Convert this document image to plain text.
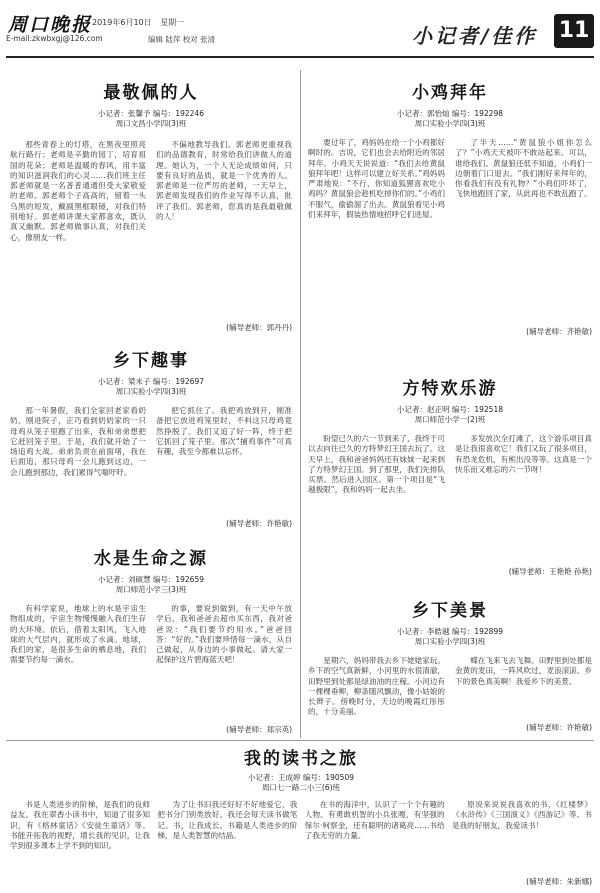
周口晚报 2019年6月10日 星期一
E-mail:zkwbxgj@126.com	编辑 陆萍 校对 张清	小记者/佳作 11
最敬佩的人
小记者：张馨予 编号：192246
周口文昌小学四(3)班

那些青春上的灯塔，在黑夜里照亮航行路行；老师是辛勤的园丁，培育祖国的花朵；老师是温暖的春风，用丰富的知识滋润我们的心灵……我们班主任郭老师就是一名普普通通但受大家敬爱的老师。郭老师个子高高的，留着一头乌黑的短发，戴副黑框眼镜，对我们特别地好。郭老师讲课大家都喜欢，既认真又幽默。郭老师做事认真，对我们关心，像朋友一样。

不偏地教导我们。郭老师更重视我们的品德教育，时常给我们讲做人的道理。她认为，一个人无论成绩如何，只要有良好的品质，就是一个优秀的人。郭老师是一位严厉的老师，一天早上，郭老师发现我们的作业写得不认真，批评了我们。郭老师，您真的是我最敬佩的人！

(辅导老师：郭丹丹)
乡下趣事
小记者：梁未子 编号：192697
周口实验小学四(3)班

那一年暑假，我们全家回老家看奶奶。刚进院子，正巧看到奶奶家的一只母鸡从笼子里跑了出来，我和弟弟想把它赶回笼子里。于是，我们就开始了一场追鸡大战。弟弟负责在前面堵，我在后面追，那只母鸡一会儿跑到这边，一会儿跑到那边，我们累得气喘吁吁。

把它抓住了。我把鸡放到开，刚准备把它放进鸡笼里时，不料这只母鸡竟然挣脱了。我们又追了好一阵，终于把它抓回了笼子里。那次“捕鸡事件”可真有趣，我至今都难以忘怀。

(辅导老师：许艳敏)
水是生命之源
小记者：刘硕慧 编号：192659
周口师范小学三(3)班

有科学家说，地球上的水是宇宙生物组成的，宇宙生物慢慢融入我们生存的大环境。依后，借着太阳风，飞入地球的大气层内，就形成了水滴。地球，我们的家，是很多生命的栖息地，我们需要节约每一滴水。

的事，要说到做到，有一天中午放学后，我和爸爸去超市买东西，我对爸爸说：“我们要节约用水。”爸爸回答：“好的。”我们要珍惜每一滴水，从自己做起，从身边的小事做起。请大家一起保护这片碧海蓝天吧！

(辅导老师：郑宗英)
小鸡拜年
小记者：郭怡灿 编号：192298
周口实验小学四(3)班

要过年了，鸡妈妈在给一个小鸡都好啊时的。吉说，它们也会去给附近的邻居拜年。小鸡天天说说道：“我们去给黄鼠狼拜年吧！这样可以建立好关系。”鸡妈妈严肃地说：“不行，你知道狐狸喜欢吃小鸡吗？黄鼠狼会趁机吃掉你们的。”小鸡们不服气，偷偷溜了出去。黄鼠狼看见小鸡们来拜年，假装热情地招呼它们进屋。

了半天……“黄鼠狼小姐你怎么了？”小鸡天天被吓不敢站起来。可以，谁给我们。黄鼠狼还低不知道，小鸡们一边朝着门口退去。“我们刚好来拜年的，你看我们有没有礼物？”小鸡们吓坏了，飞快地跑回了家，从此再也不敢乱跑了。

(辅导老师：齐艳敏)
方特欢乐游
小记者：赵正明 编号：192518
周口师范小学一(2)班

盼望已久的六一节到来了，我终于可以去向往已久的方特梦幻王国去玩了。这天早上，我和爸爸妈妈还有妹妹一起来到了方特梦幻王国。到了那里，我们先排队买票。然后进入园区。第一个项目是“飞越极限”，我和妈妈一起去坐。

多发放次全打滩了，这个游乐项目真是让我很喜欢它！我们又玩了很多项目，有恐龙危机，有熊出没等等。这真是一个快乐而又难忘的六一节呀！

(辅导老师：王艳艳 孙艳)
乡下美景
小记者：李皓越 编号：192899
周口实验小学四(3)班

星期六，妈妈带我去乡下姥姥家玩。乡下的空气真新鲜，小河里的水很清澈，田野里到处都是绿油油的庄稼。小河边有一棵棵垂柳，柳条随风飘动，像小姑娘的长辫子。傍晚时分，天边的晚霞红彤彤的，十分美丽。

蝶在飞来飞去飞舞。田野里到处都是金黄的麦田，一阵风吹过，麦浪滚滚。乡下的景色真美啊！我爱乡下的美景。

(辅导老师：许艳敏)
我的读书之旅
小记者：王成婷 编号：190509
周口七一路二小三(6)班

书是人类进步的阶梯，是我们的良师益友。我在翠香小读书中，知道了很多知识，有《格林童话》《安徒生童话》等。书能开拓我的视野，增长我的见识，让我学到很多课本上学不到的知识。

为了让书旧我还好好不好地爱它，我把书分门别类放好。我还会每天读书做笔记。书，让我成长。书籍是人类进步的阶梯，是人类智慧的结晶。

在书的海洋中，认识了一个个有趣的人物。有勇敢机智的小兵张嘎，有坚强的保尔·柯察金，还有聪明的诸葛亮……书给了我无穷的力量。

原说来说说我喜欢的书，《红楼梦》《水浒传》《三国演义》《西游记》等。书是我的好朋友，我爱读书！

(辅导老师：朱新娜)
